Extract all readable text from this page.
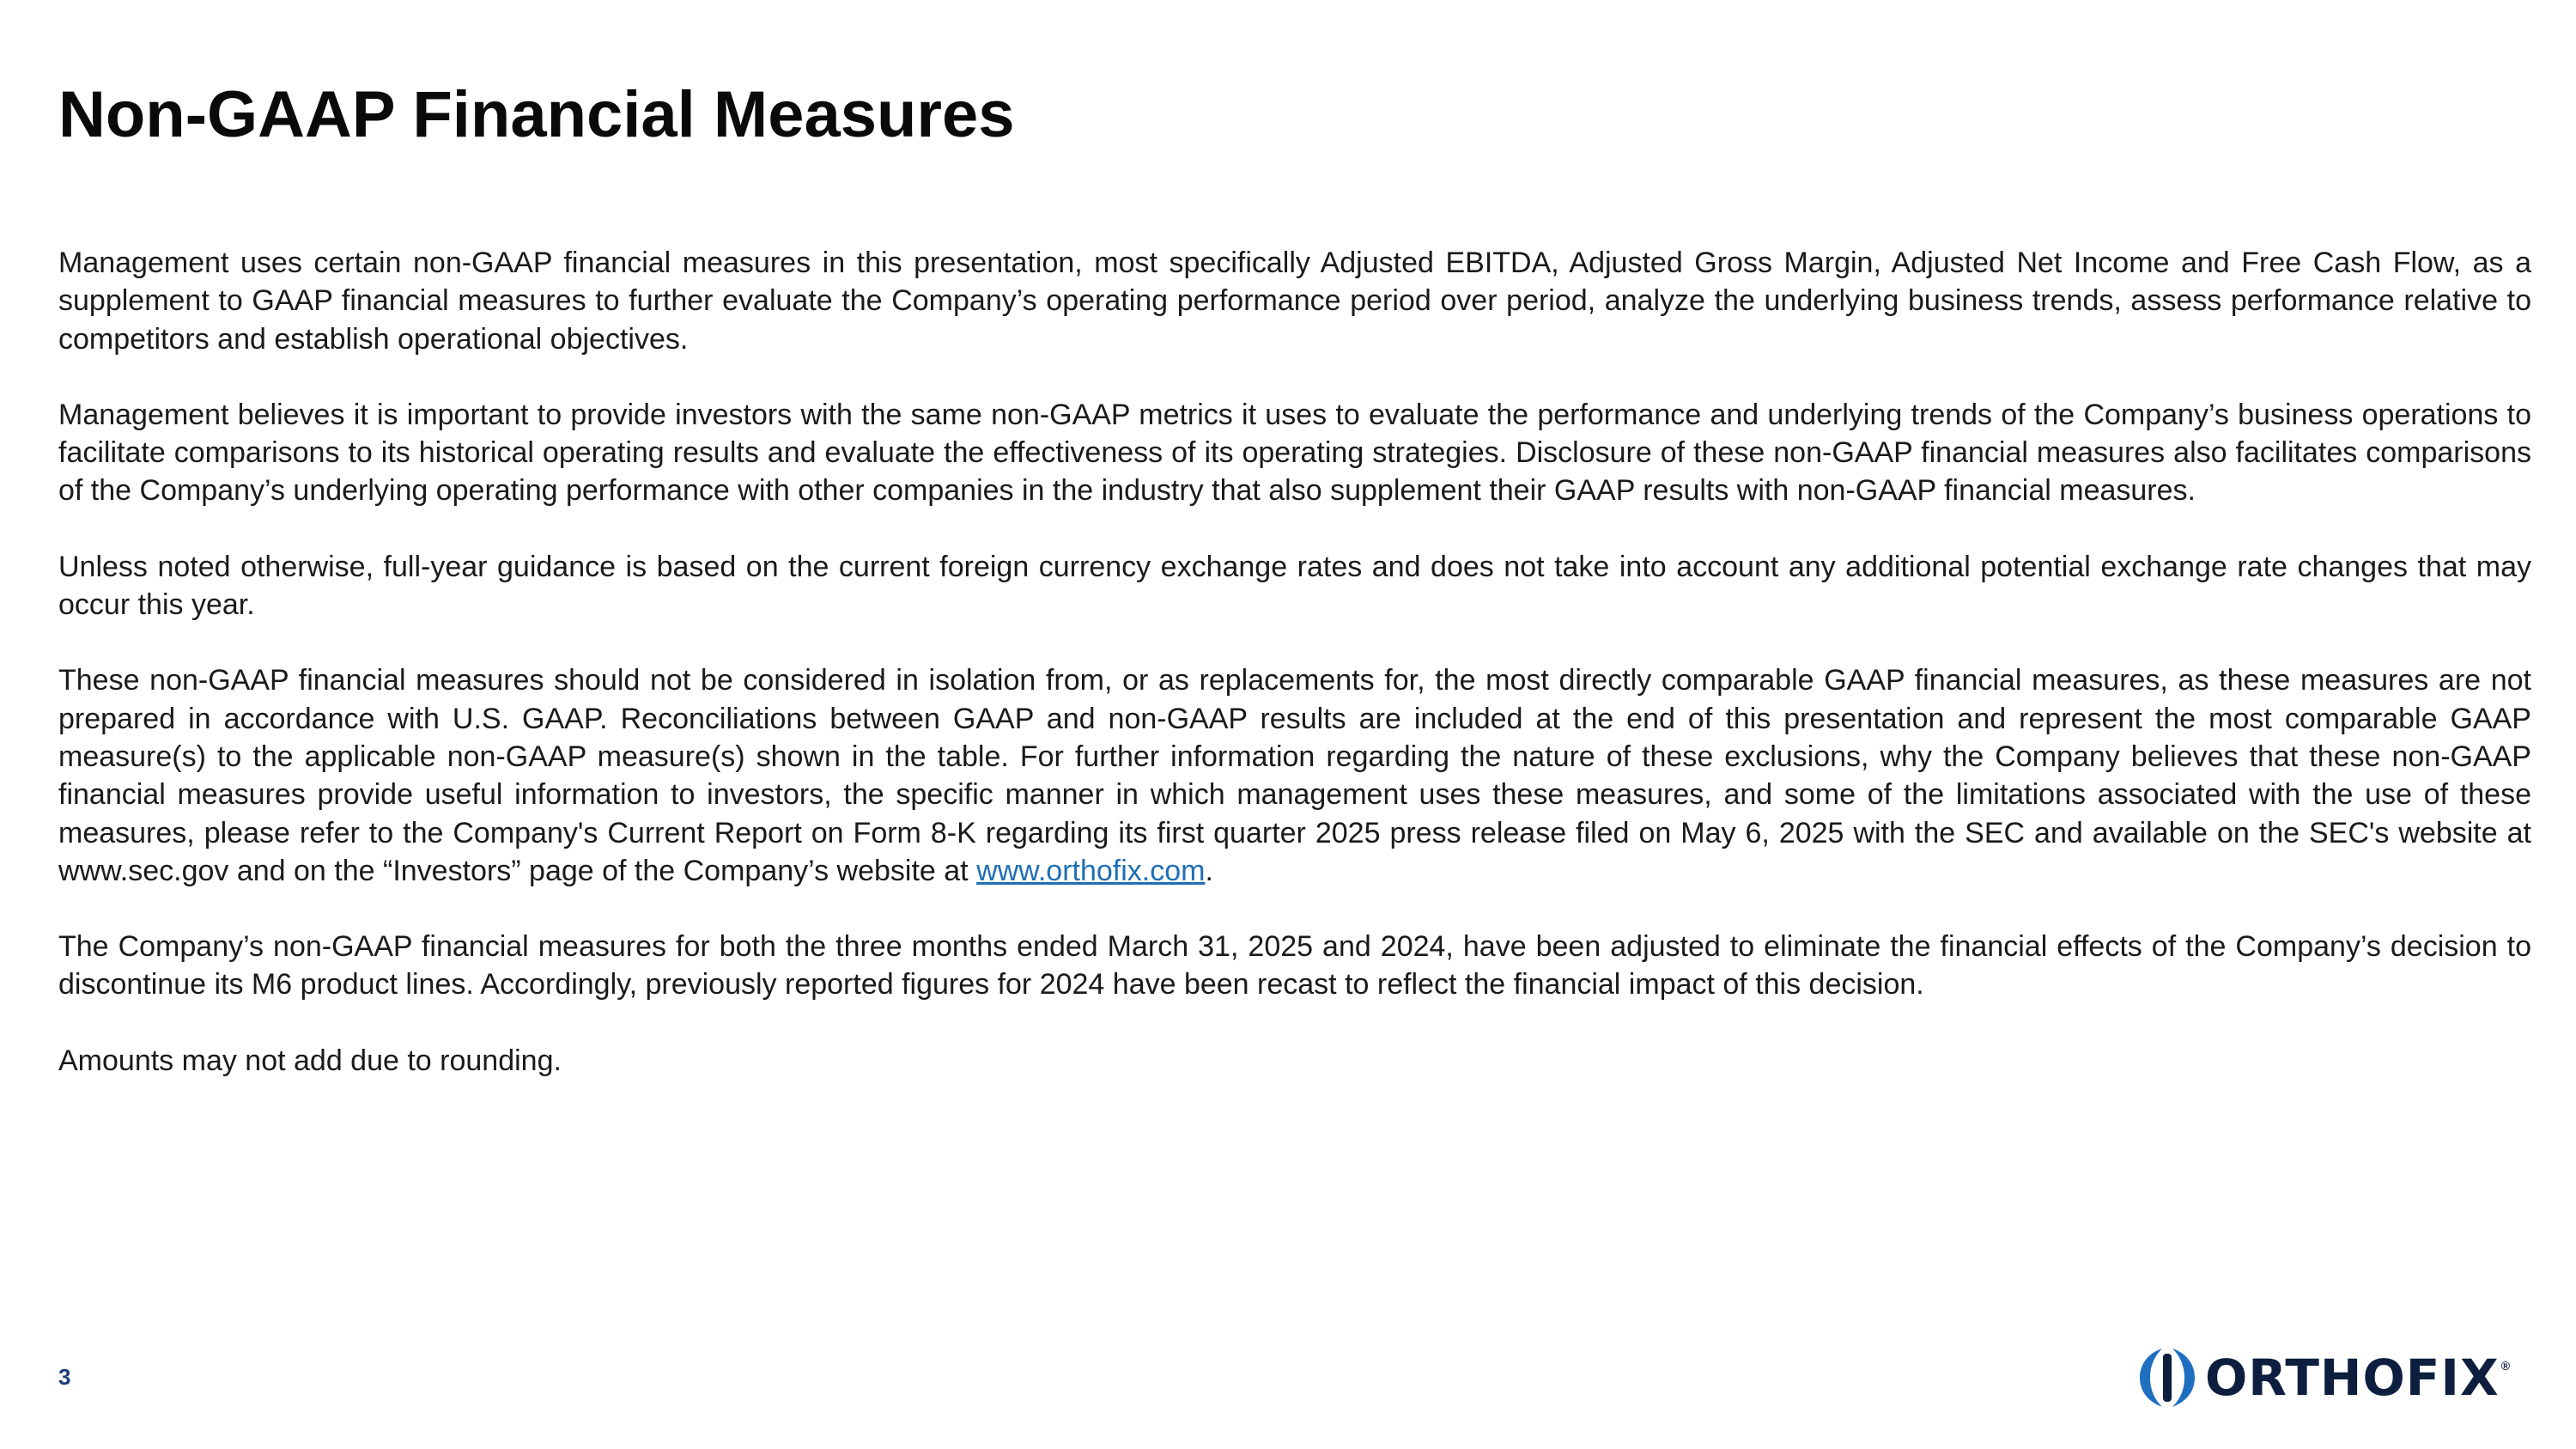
Non-GAAP Financial Measures

Management uses certain non-GAAP financial measures in this presentation, most specifically Adjusted EBITDA, Adjusted Gross Margin, Adjusted Net Income and Free Cash Flow, as a supplement to GAAP financial measures to further evaluate the Company’s operating performance period over period, analyze the underlying business trends, assess performance relative to competitors and establish operational objectives.

Management believes it is important to provide investors with the same non-GAAP metrics it uses to evaluate the performance and underlying trends of the Company’s business operations to facilitate comparisons to its historical operating results and evaluate the effectiveness of its operating strategies. Disclosure of these non-GAAP financial measures also facilitates comparisons of the Company’s underlying operating performance with other companies in the industry that also supplement their GAAP results with non-GAAP financial measures.

Unless noted otherwise, full-year guidance is based on the current foreign currency exchange rates and does not take into account any additional potential exchange rate changes that may occur this year.

These non-GAAP financial measures should not be considered in isolation from, or as replacements for, the most directly comparable GAAP financial measures, as these measures are not prepared in accordance with U.S. GAAP. Reconciliations between GAAP and non-GAAP results are included at the end of this presentation and represent the most comparable GAAP measure(s) to the applicable non-GAAP measure(s) shown in the table. For further information regarding the nature of these exclusions, why the Company believes that these non-GAAP financial measures provide useful information to investors, the specific manner in which management uses these measures, and some of the limitations associated with the use of these measures, please refer to the Company's Current Report on Form 8-K regarding its first quarter 2025 press release filed on May 6, 2025 with the SEC and available on the SEC's website at www.sec.gov and on the “Investors” page of the Company’s website at www.orthofix.com.

The Company’s non-GAAP financial measures for both the three months ended March 31, 2025 and 2024, have been adjusted to eliminate the financial effects of the Company’s decision to discontinue its M6 product lines. Accordingly, previously reported figures for 2024 have been recast to reflect the financial impact of this decision.

Amounts may not add due to rounding.

3	ORTHOFIX ®
